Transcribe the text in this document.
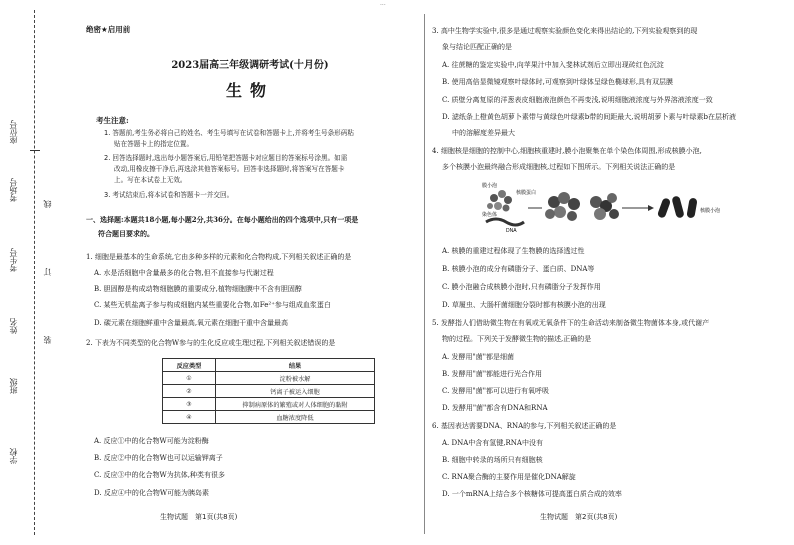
···
座位号
考场号
考生号
姓名
班级
学校
线
订
装
绝密★启用前
2023届高三年级调研考试(十月份)
生物
考生注意:
1. 答题前,考生务必将自己的姓名、考生号填写在试卷和答题卡上,并将考生号条形码粘
贴在答题卡上的指定位置。
2. 回答选择题时,选出每小题答案后,用铅笔把答题卡对应题目的答案标号涂黑。如需
改动,用橡皮擦干净后,再选涂其他答案标号。回答非选择题时,将答案写在答题卡
上。写在本试卷上无效。
3. 考试结束后,将本试卷和答题卡一并交回。
一、选择题:本题共18小题,每小题2分,共36分。在每小题给出的四个选项中,只有一项是
符合题目要求的。
1. 细胞是最基本的生命系统,它由多种多样的元素和化合物构成,下列相关叙述正确的是
A. 水是活细胞中含量最多的化合物,但不直接参与代谢过程
B. 胆固醇是构成动物细胞膜的重要成分,植物细胞膜中不含有胆固醇
C. 某些无机盐离子参与构成细胞内某些重要化合物,如Fe²⁺参与组成血浆蛋白
D. 碳元素在细胞鲜重中含量最高,氧元素在细胞干重中含量最高
2. 下表为不同类型的化合物W参与的生化反应或生理过程,下列相关叙述错误的是
反应类型	结果
①	淀粉被水解
②	钙离子被运入细胞
③	抑制病原体的繁殖或对人体细胞的黏附
④	血糖浓度降低
A. 反应①中的化合物W可能为淀粉酶
B. 反应②中的化合物W也可以运输钾离子
C. 反应③中的化合物W为抗体,种类有很多
D. 反应④中的化合物W可能为胰岛素
生物试题　第1页(共8页)
3. 高中生物学实验中,很多是通过观察实验颜色变化来得出结论的,下列实验观察到的现
象与结论匹配正确的是
A. 往蔗糖的鉴定实验中,向苹果汁中加入斐林试剂后立即出现砖红色沉淀
B. 使用高倍显微镜观察叶绿体时,可观察到叶绿体呈绿色椭球形,具有双层膜
C. 质壁分离复原的洋葱表皮细胞液泡颜色不再变浅,说明细胞液浓度与外界溶液浓度一致
D. 滤纸条上橙黄色胡萝卜素带与黄绿色叶绿素b带的间距最大,说明胡萝卜素与叶绿素b在层析液
中的溶解度差异最大
4. 细胞核是细胞的控制中心,细胞核重建时,膜小泡聚集在单个染色体周围,形成核膜小泡,
多个核膜小泡最终融合形成细胞核,过程如下图所示。下列相关说法正确的是
膜小泡
核膜蛋白
染色体
DNA
核膜小泡
A. 核膜的重建过程体现了生物膜的选择透过性
B. 核膜小泡的成分有磷脂分子、蛋白质、DNA等
C. 膜小泡融合成核膜小泡时,只有磷脂分子发挥作用
D. 草履虫、大肠杆菌细胞分裂时都有核膜小泡的出现
5. 发酵指人们借助微生物在有氧或无氧条件下的生命活动来制备微生物菌体本身,或代谢产
物的过程。下列关于发酵微生物的描述,正确的是
A. 发酵用"菌"都是细菌
B. 发酵用"菌"都能进行光合作用
C. 发酵用"菌"都可以进行有氧呼吸
D. 发酵用"菌"都含有DNA和RNA
6. 基因表达需要DNA、RNA的参与,下列相关叙述正确的是
A. DNA中含有氢键,RNA中没有
B. 细胞中转录的场所只有细胞核
C. RNA聚合酶的主要作用是催化DNA解旋
D. 一个mRNA上结合多个核糖体可提高蛋白质合成的效率
生物试题　第2页(共8页)
